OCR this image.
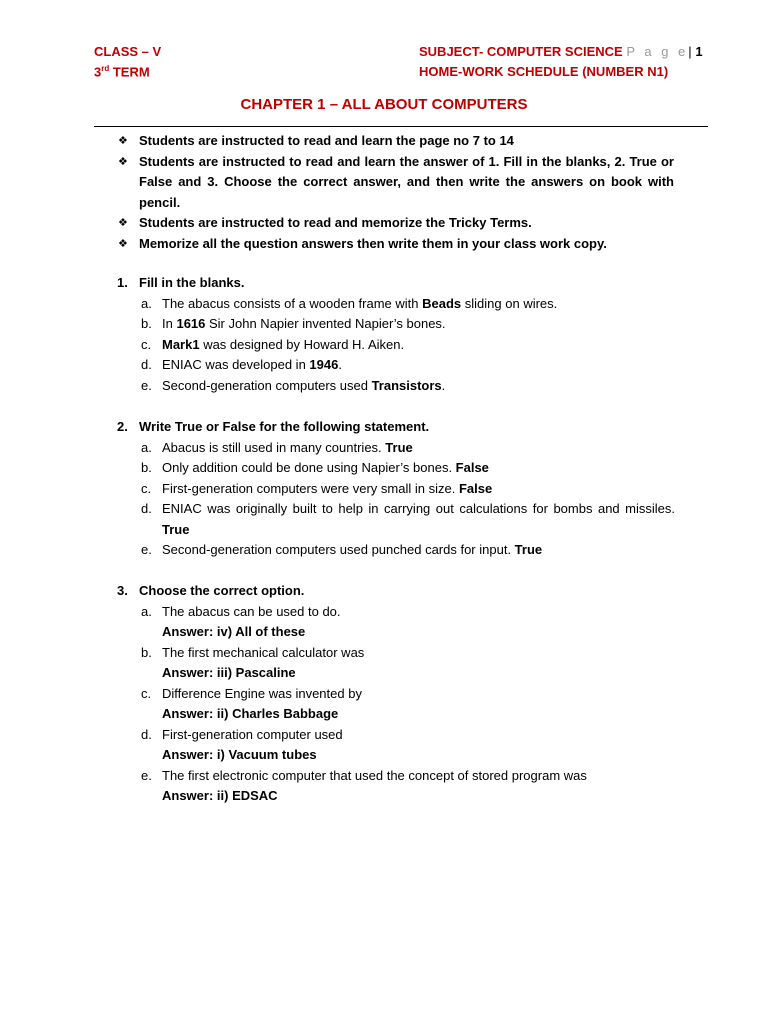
CLASS – V
3rd TERM
SUBJECT- COMPUTER SCIENCE P a g e| 1
HOME-WORK SCHEDULE (NUMBER N1)
CHAPTER 1 – ALL ABOUT COMPUTERS
❖ Students are instructed to read and learn the page no 7 to 14
❖ Students are instructed to read and learn the answer of 1. Fill in the blanks, 2. True or False and 3. Choose the correct answer, and then write the answers on book with pencil.
❖ Students are instructed to read and memorize the Tricky Terms.
❖ Memorize all the question answers then write them in your class work copy.
1. Fill in the blanks.
a. The abacus consists of a wooden frame with Beads sliding on wires.
b. In 1616 Sir John Napier invented Napier’s bones.
c. Mark1 was designed by Howard H. Aiken.
d. ENIAC was developed in 1946.
e. Second-generation computers used Transistors.
2. Write True or False for the following statement.
a. Abacus is still used in many countries. True
b. Only addition could be done using Napier’s bones. False
c. First-generation computers were very small in size. False
d. ENIAC was originally built to help in carrying out calculations for bombs and missiles. True
e. Second-generation computers used punched cards for input. True
3. Choose the correct option.
a. The abacus can be used to do.
Answer: iv) All of these
b. The first mechanical calculator was
Answer: iii) Pascaline
c. Difference Engine was invented by
Answer: ii) Charles Babbage
d. First-generation computer used
Answer: i) Vacuum tubes
e. The first electronic computer that used the concept of stored program was
Answer: ii) EDSAC
